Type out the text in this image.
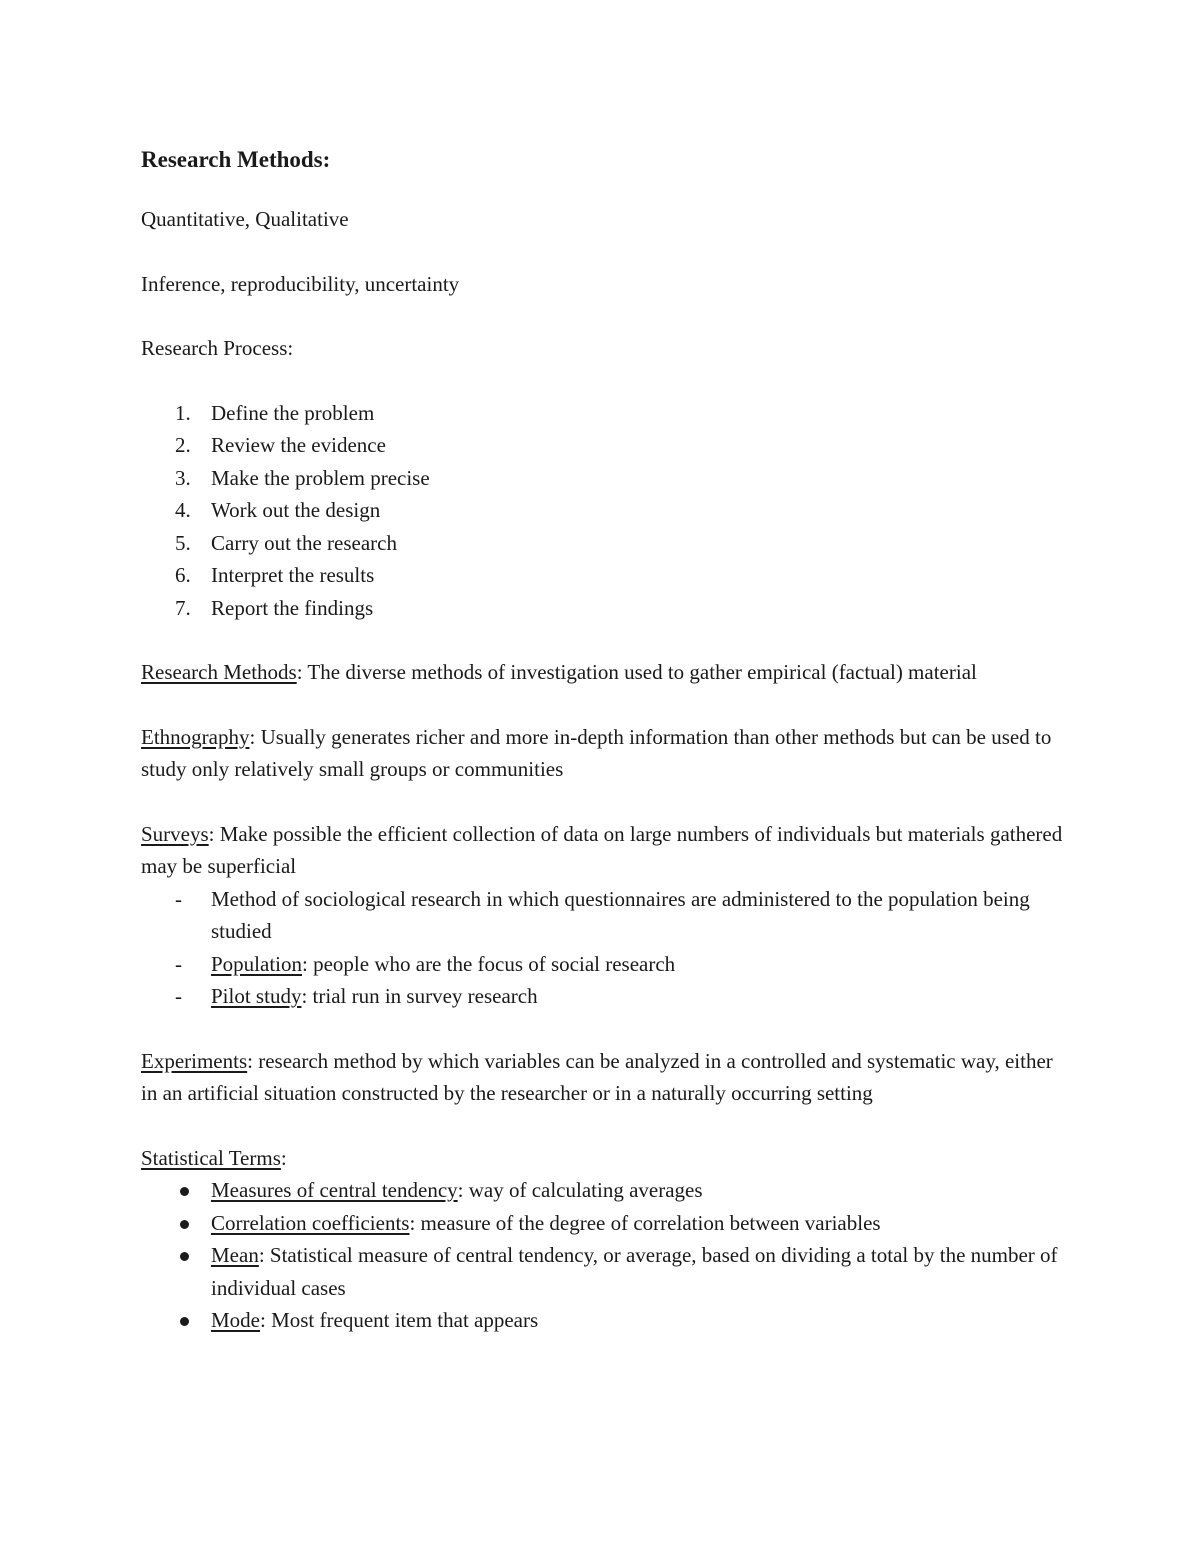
Research Methods:

Quantitative, Qualitative

Inference, reproducibility, uncertainty

Research Process:

1. Define the problem
2. Review the evidence
3. Make the problem precise
4. Work out the design
5. Carry out the research
6. Interpret the results
7. Report the findings

Research Methods: The diverse methods of investigation used to gather empirical (factual) material

Ethnography: Usually generates richer and more in-depth information than other methods but can be used to study only relatively small groups or communities

Surveys: Make possible the efficient collection of data on large numbers of individuals but materials gathered may be superficial

-	Method of sociological research in which questionnaires are administered to the population being studied
-	Population: people who are the focus of social research
-	Pilot study: trial run in survey research

Experiments: research method by which variables can be analyzed in a controlled and systematic way, either in an artificial situation constructed by the researcher or in a naturally occurring setting

Statistical Terms:

Measures of central tendency: way of calculating averages
Correlation coefficients: measure of the degree of correlation between variables
Mean: Statistical measure of central tendency, or average, based on dividing a total by the number of individual cases
Mode: Most frequent item that appears
